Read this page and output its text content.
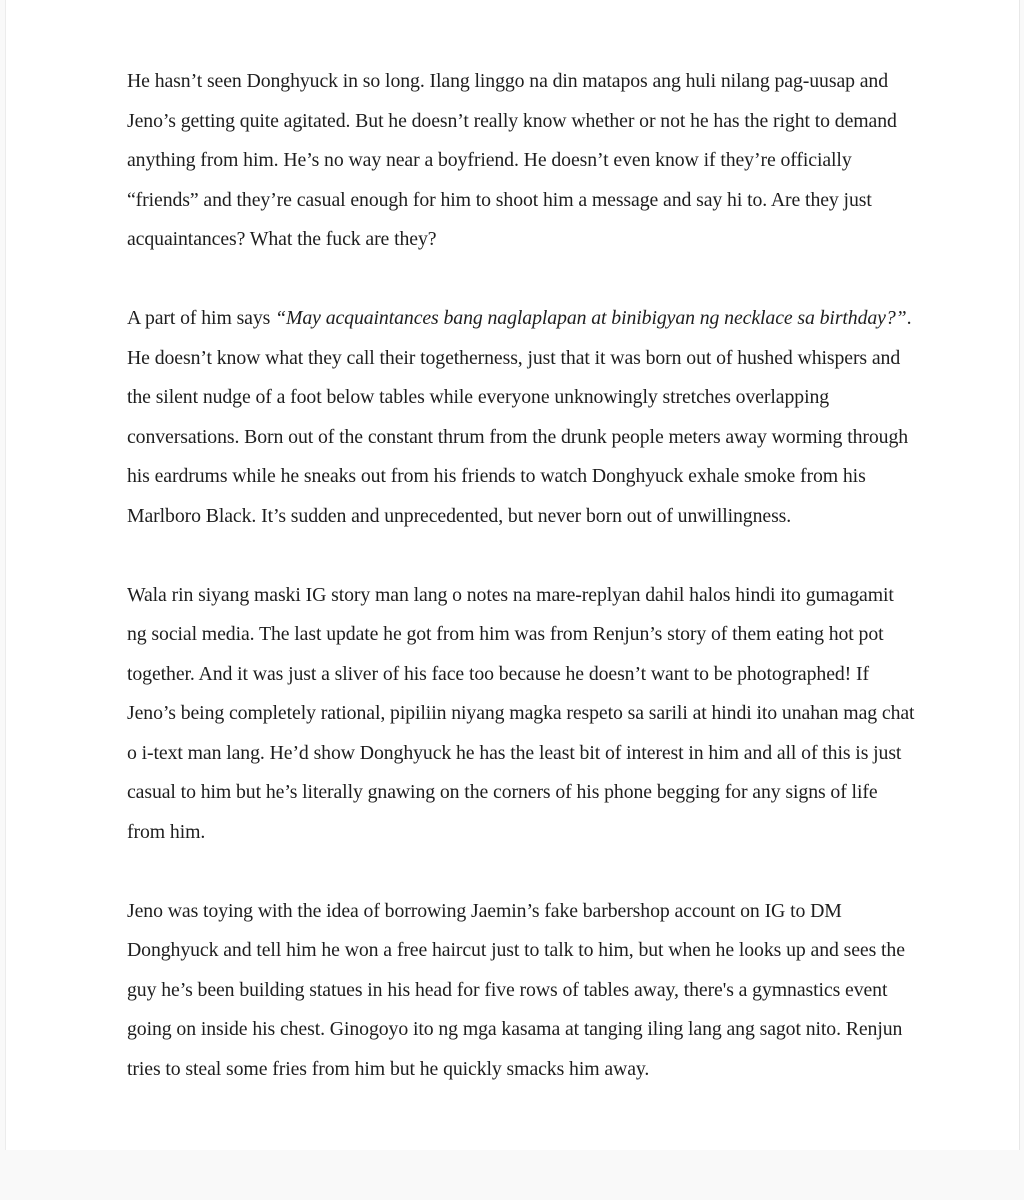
He hasn’t seen Donghyuck in so long. Ilang linggo na din matapos ang huli nilang pag-uusap and Jeno’s getting quite agitated. But he doesn’t really know whether or not he has the right to demand anything from him. He’s no way near a boyfriend. He doesn’t even know if they’re officially “friends” and they’re casual enough for him to shoot him a message and say hi to. Are they just acquaintances? What the fuck are they?

A part of him says “May acquaintances bang naglaplapan at binibigyan ng necklace sa birthday?”. He doesn’t know what they call their togetherness, just that it was born out of hushed whispers and the silent nudge of a foot below tables while everyone unknowingly stretches overlapping conversations. Born out of the constant thrum from the drunk people meters away worming through his eardrums while he sneaks out from his friends to watch Donghyuck exhale smoke from his Marlboro Black. It’s sudden and unprecedented, but never born out of unwillingness.

Wala rin siyang maski IG story man lang o notes na mare-replyan dahil halos hindi ito gumagamit ng social media. The last update he got from him was from Renjun’s story of them eating hot pot together. And it was just a sliver of his face too because he doesn’t want to be photographed! If Jeno’s being completely rational, pipiliin niyang magka respeto sa sarili at hindi ito unahan mag chat o i-text man lang. He’d show Donghyuck he has the least bit of interest in him and all of this is just casual to him but he’s literally gnawing on the corners of his phone begging for any signs of life from him.

Jeno was toying with the idea of borrowing Jaemin’s fake barbershop account on IG to DM Donghyuck and tell him he won a free haircut just to talk to him, but when he looks up and sees the guy he’s been building statues in his head for five rows of tables away, there's a gymnastics event going on inside his chest. Ginogoyo ito ng mga kasama at tanging iling lang ang sagot nito. Renjun tries to steal some fries from him but he quickly smacks him away.
